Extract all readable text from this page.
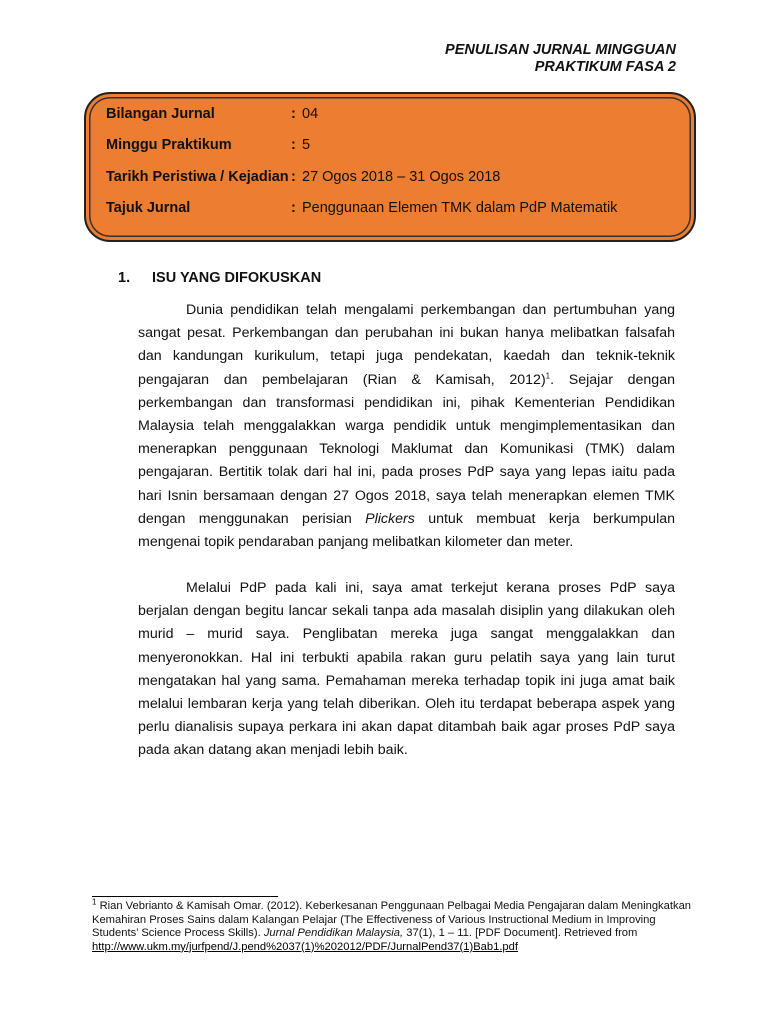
PENULISAN JURNAL MINGGUAN
PRAKTIKUM FASA 2
Bilangan Jurnal	: 04
Minggu Praktikum	: 5
Tarikh Peristiwa / Kejadian : 27 Ogos 2018 – 31 Ogos 2018
Tajuk Jurnal	: Penggunaan Elemen TMK dalam PdP Matematik
1. ISU YANG DIFOKUSKAN

Dunia pendidikan telah mengalami perkembangan dan pertumbuhan yang sangat pesat. Perkembangan dan perubahan ini bukan hanya melibatkan falsafah dan kandungan kurikulum, tetapi juga pendekatan, kaedah dan teknik-teknik pengajaran dan pembelajaran (Rian & Kamisah, 2012)$^1$. Sejajar dengan perkembangan dan transformasi pendidikan ini, pihak Kementerian Pendidikan Malaysia telah menggalakkan warga pendidik untuk mengimplementasikan dan menerapkan penggunaan Teknologi Maklumat dan Komunikasi (TMK) dalam pengajaran. Bertitik tolak dari hal ini, pada proses PdP saya yang lepas iaitu pada hari Isnin bersamaan dengan 27 Ogos 2018, saya telah menerapkan elemen TMK dengan menggunakan perisian Plickers untuk membuat kerja berkumpulan mengenai topik pendaraban panjang melibatkan kilometer dan meter.

Melalui PdP pada kali ini, saya amat terkejut kerana proses PdP saya berjalan dengan begitu lancar sekali tanpa ada masalah disiplin yang dilakukan oleh murid – murid saya. Penglibatan mereka juga sangat menggalakkan dan menyeronokkan. Hal ini terbukti apabila rakan guru pelatih saya yang lain turut mengatakan hal yang sama. Pemahaman mereka terhadap topik ini juga amat baik melalui lembaran kerja yang telah diberikan. Oleh itu terdapat beberapa aspek yang perlu dianalisis supaya perkara ini akan dapat ditambah baik agar proses PdP saya pada akan datang akan menjadi lebih baik.

$^1$ Rian Vebrianto & Kamisah Omar. (2012). Keberkesanan Penggunaan Pelbagai Media Pengajaran dalam Meningkatkan Kemahiran Proses Sains dalam Kalangan Pelajar (The Effectiveness of Various Instructional Medium in Improving Students’ Science Process Skills). Jurnal Pendidikan Malaysia, 37(1), 1 – 11. [PDF Document]. Retrieved from
http://www.ukm.my/jurfpend/J.pend%2037(1)%202012/PDF/JurnalPend37(1)Bab1.pdf
